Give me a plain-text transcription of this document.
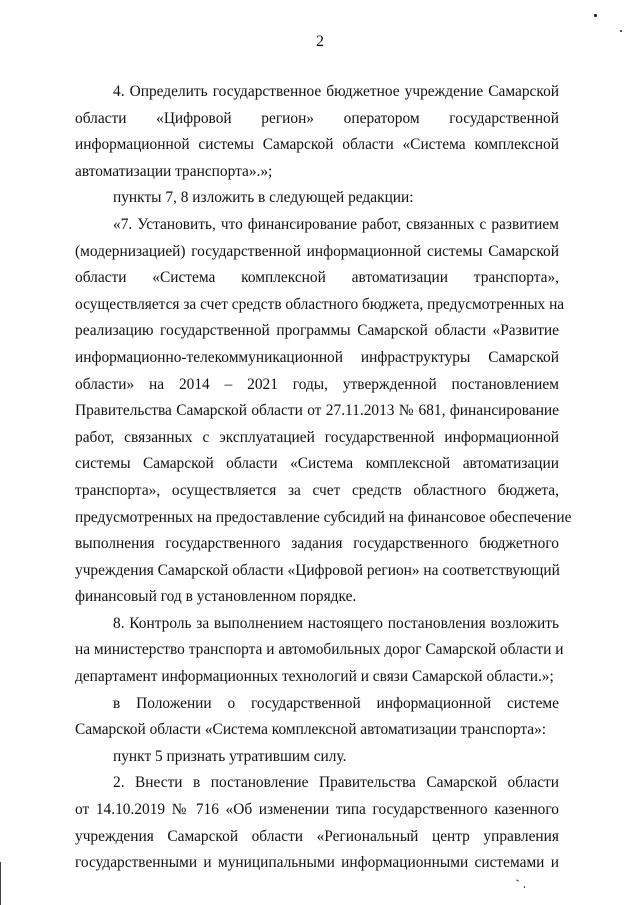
2
4. Определить государственное бюджетное учреждение Самарской
области «Цифровой регион» оператором государственной
информационной системы Самарской области «Система комплексной
автоматизации транспорта».»;
пункты 7, 8 изложить в следующей редакции:
«7. Установить, что финансирование работ, связанных с развитием
(модернизацией) государственной информационной системы Самарской
области «Система комплексной автоматизации транспорта»,
осуществляется за счет средств областного бюджета, предусмотренных на
реализацию государственной программы Самарской области «Развитие
информационно-телекоммуникационной инфраструктуры Самарской
области» на 2014 – 2021 годы, утвержденной постановлением
Правительства Самарской области от 27.11.2013 № 681, финансирование
работ, связанных с эксплуатацией государственной информационной
системы Самарской области «Система комплексной автоматизации
транспорта», осуществляется за счет средств областного бюджета,
предусмотренных на предоставление субсидий на финансовое обеспечение
выполнения государственного задания государственного бюджетного
учреждения Самарской области «Цифровой регион» на соответствующий
финансовый год в установленном порядке.
8. Контроль за выполнением настоящего постановления возложить
на министерство транспорта и автомобильных дорог Самарской области и
департамент информационных технологий и связи Самарской области.»;
в Положении о государственной информационной системе
Самарской области «Система комплексной автоматизации транспорта»:
пункт 5 признать утратившим силу.
2. Внести в постановление Правительства Самарской области
от 14.10.2019 № 716 «Об изменении типа государственного казенного
учреждения Самарской области «Региональный центр управления
государственными и муниципальными информационными системами и
